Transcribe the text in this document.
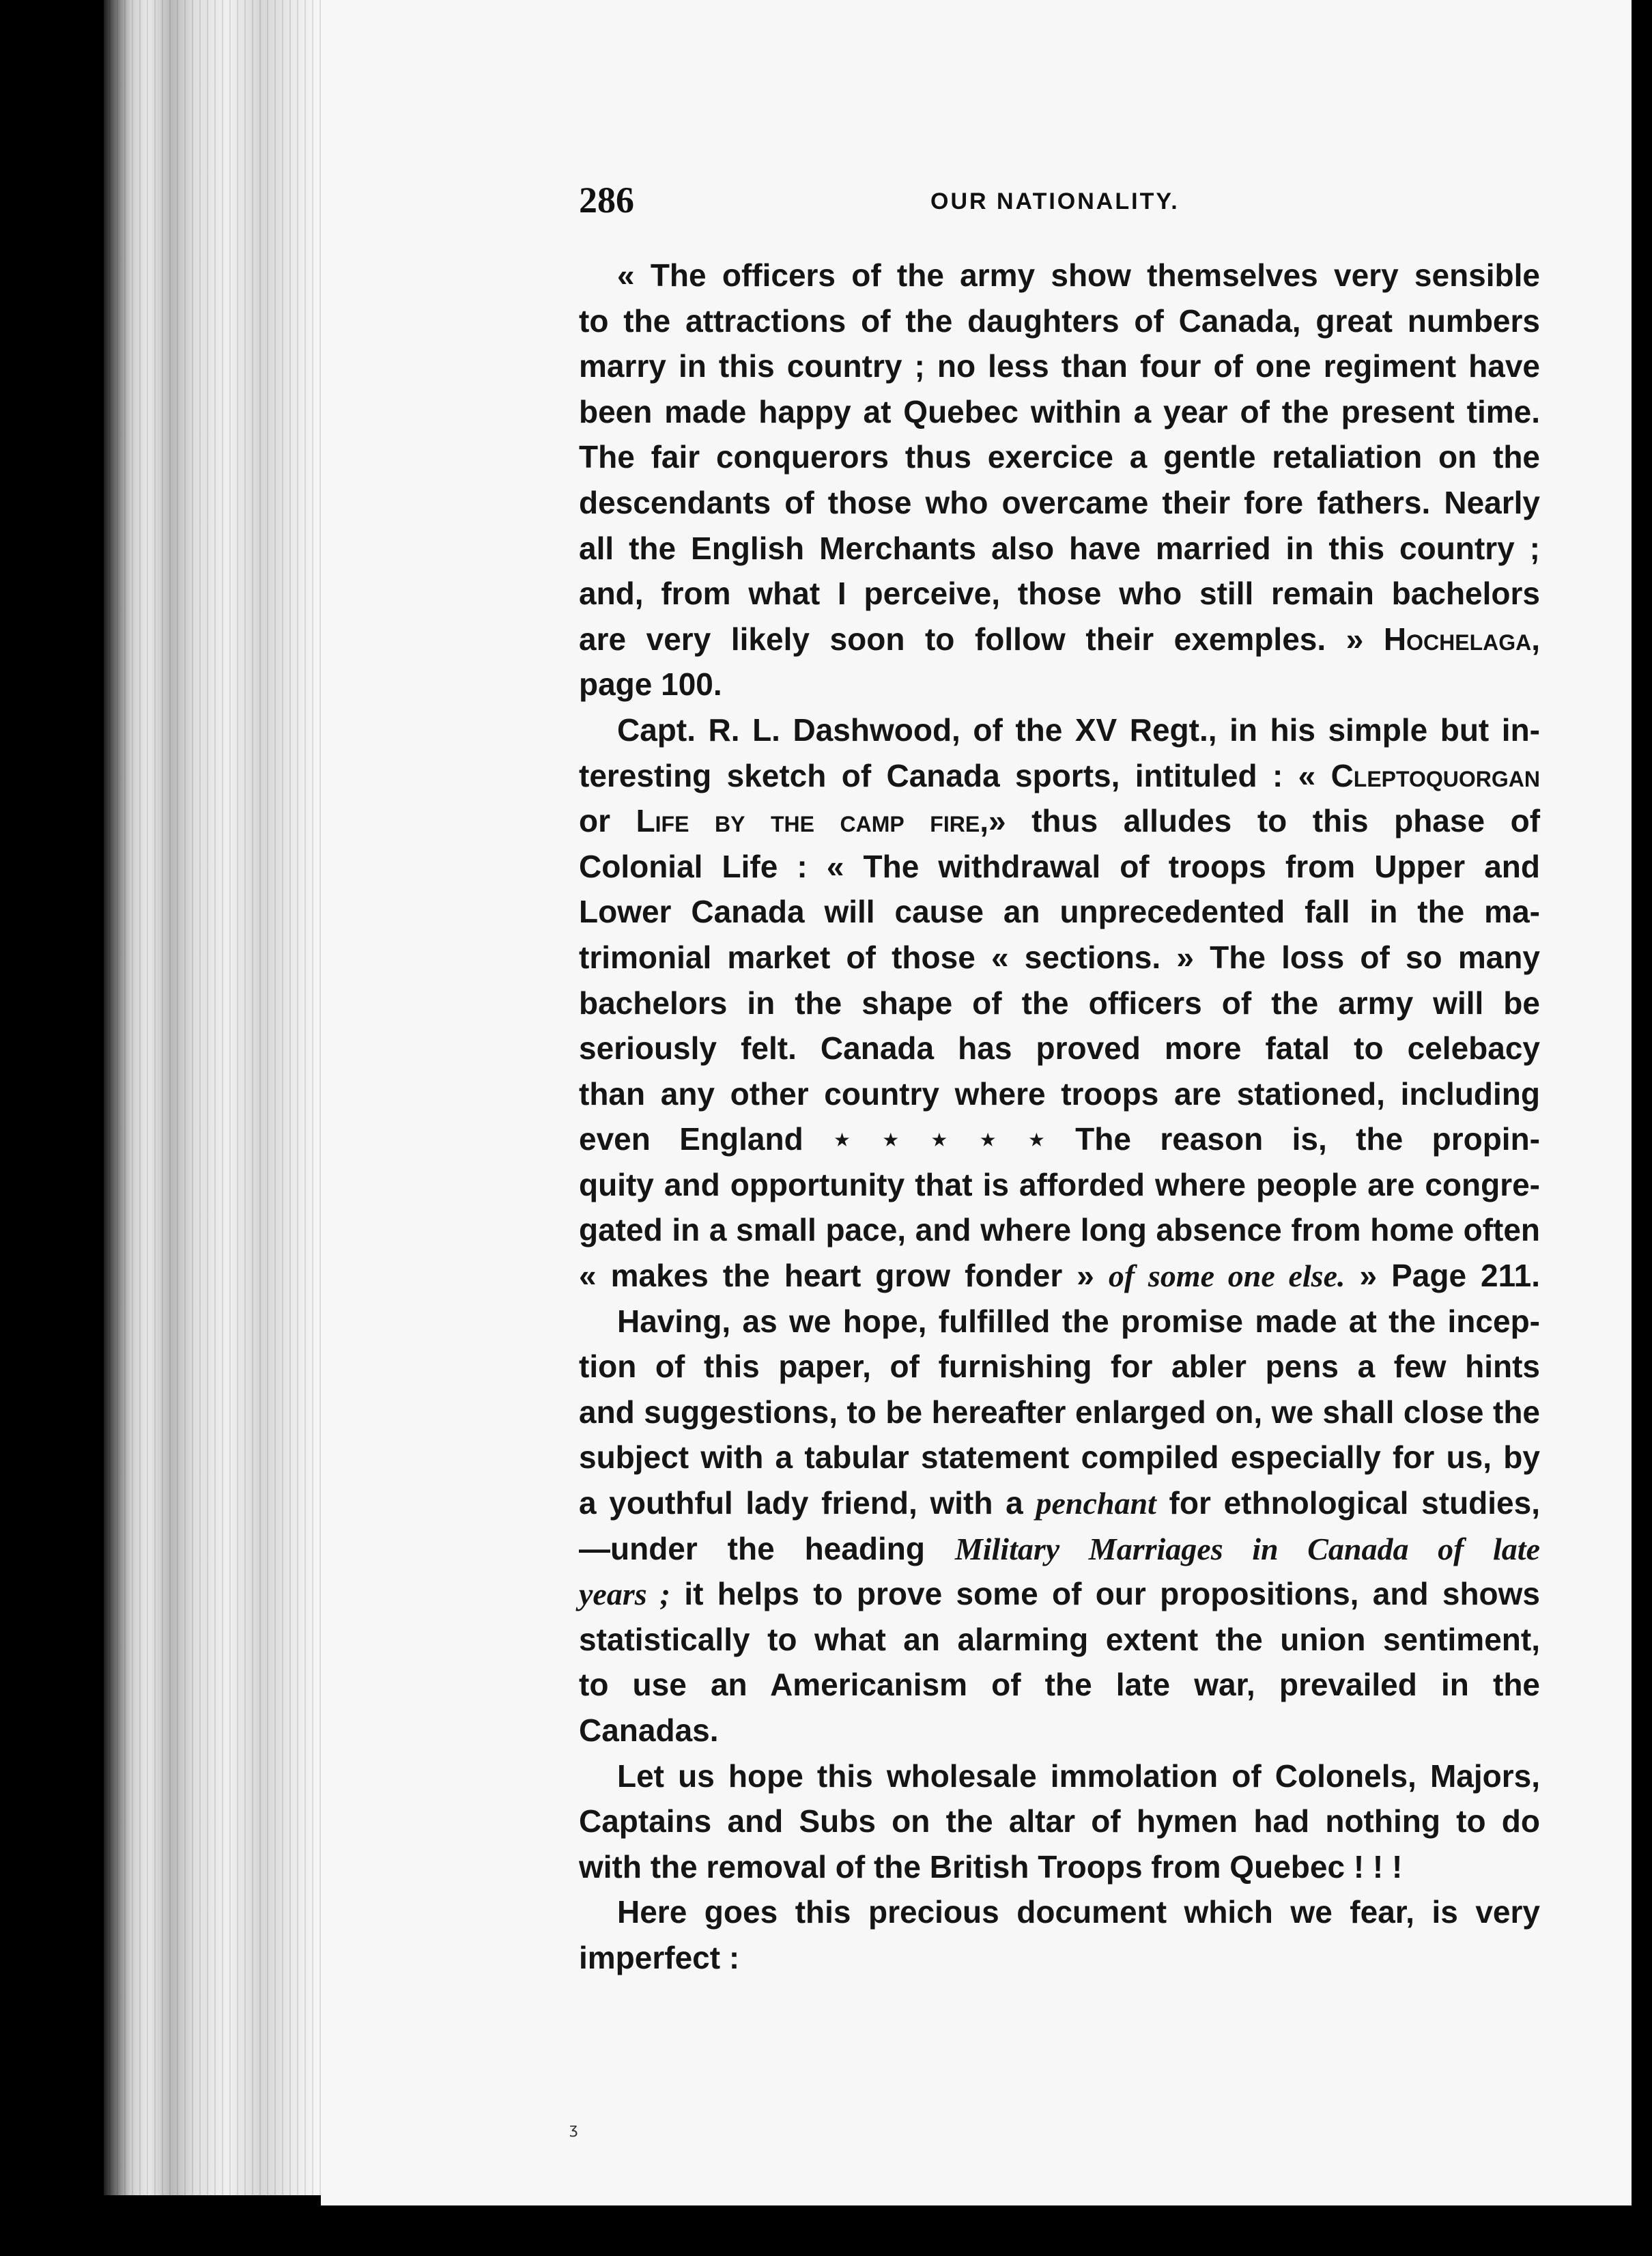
286	OUR NATIONALITY.
« The officers of the army show themselves very sensible
to the attractions of the daughters of Canada, great numbers
marry in this country ; no less than four of one regiment have
been made happy at Quebec within a year of the present time.
The fair conquerors thus exercice a gentle retaliation on the
descendants of those who overcame their fore fathers. Nearly
all the English Merchants also have married in this country ;
and, from what I perceive, those who still remain bachelors
are very likely soon to follow their exemples. » Hochelaga,
page 100.
Capt. R. L. Dashwood, of the XV Regt., in his simple but in-
teresting sketch of Canada sports, intituled : « Cleptoquorgan
or Life by the camp fire,» thus alludes to this phase of
Colonial Life : « The withdrawal of troops from Upper and
Lower Canada will cause an unprecedented fall in the ma-
trimonial market of those « sections. » The loss of so many
bachelors in the shape of the officers of the army will be
seriously felt. Canada has proved more fatal to celebacy
than any other country where troops are stationed, including
even England ⋆ ⋆ ⋆ ⋆ ⋆ The reason is, the propin-
quity and opportunity that is afforded where people are congre-
gated in a small pace, and where long absence from home often
« makes the heart grow fonder » of some one else. » Page 211.
Having, as we hope, fulfilled the promise made at the incep-
tion of this paper, of furnishing for abler pens a few hints
and suggestions, to be hereafter enlarged on, we shall close the
subject with a tabular statement compiled especially for us, by
a youthful lady friend, with a penchant for ethnological studies,
—under the heading Military Marriages in Canada of late
years ; it helps to prove some of our propositions, and shows
statistically to what an alarming extent the union sentiment,
to use an Americanism of the late war, prevailed in the
Canadas.
Let us hope this wholesale immolation of Colonels, Majors,
Captains and Subs on the altar of hymen had nothing to do
with the removal of the British Troops from Quebec ! ! !
Here goes this precious document which we fear, is very
imperfect :
ʒ
